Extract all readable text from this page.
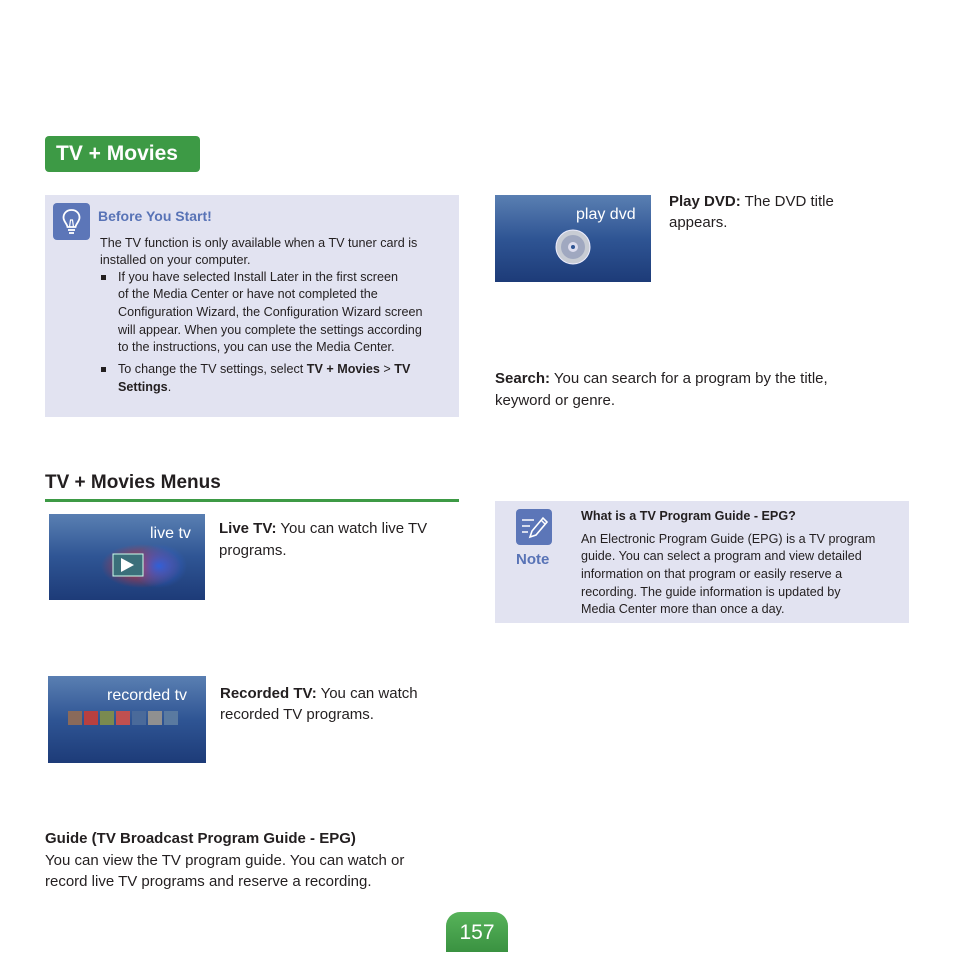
TV + Movies
Before You Start!
The TV function is only available when a TV tuner card is
installed on your computer.
If you have selected Install Later in the first screen
of the Media Center or have not completed the
Configuration Wizard, the Configuration Wizard screen
will appear. When you complete the settings according
to the instructions, you can use the Media Center.
To change the TV settings, select TV + Movies > TV
Settings.
TV + Movies Menus
live tv Live TV: You can watch live TV
programs.
recorded tv Recorded TV: You can watch
recorded TV programs.
Guide (TV Broadcast Program Guide - EPG)
You can view the TV program guide. You can watch or
record live TV programs and reserve a recording.
play dvd
Play DVD: The DVD title
appears.
Search: You can search for a program by the title,
keyword or genre.
Note
What is a TV Program Guide - EPG?
An Electronic Program Guide (EPG) is a TV program
guide. You can select a program and view detailed
information on that program or easily reserve a
recording. The guide information is updated by
Media Center more than once a day.
157
